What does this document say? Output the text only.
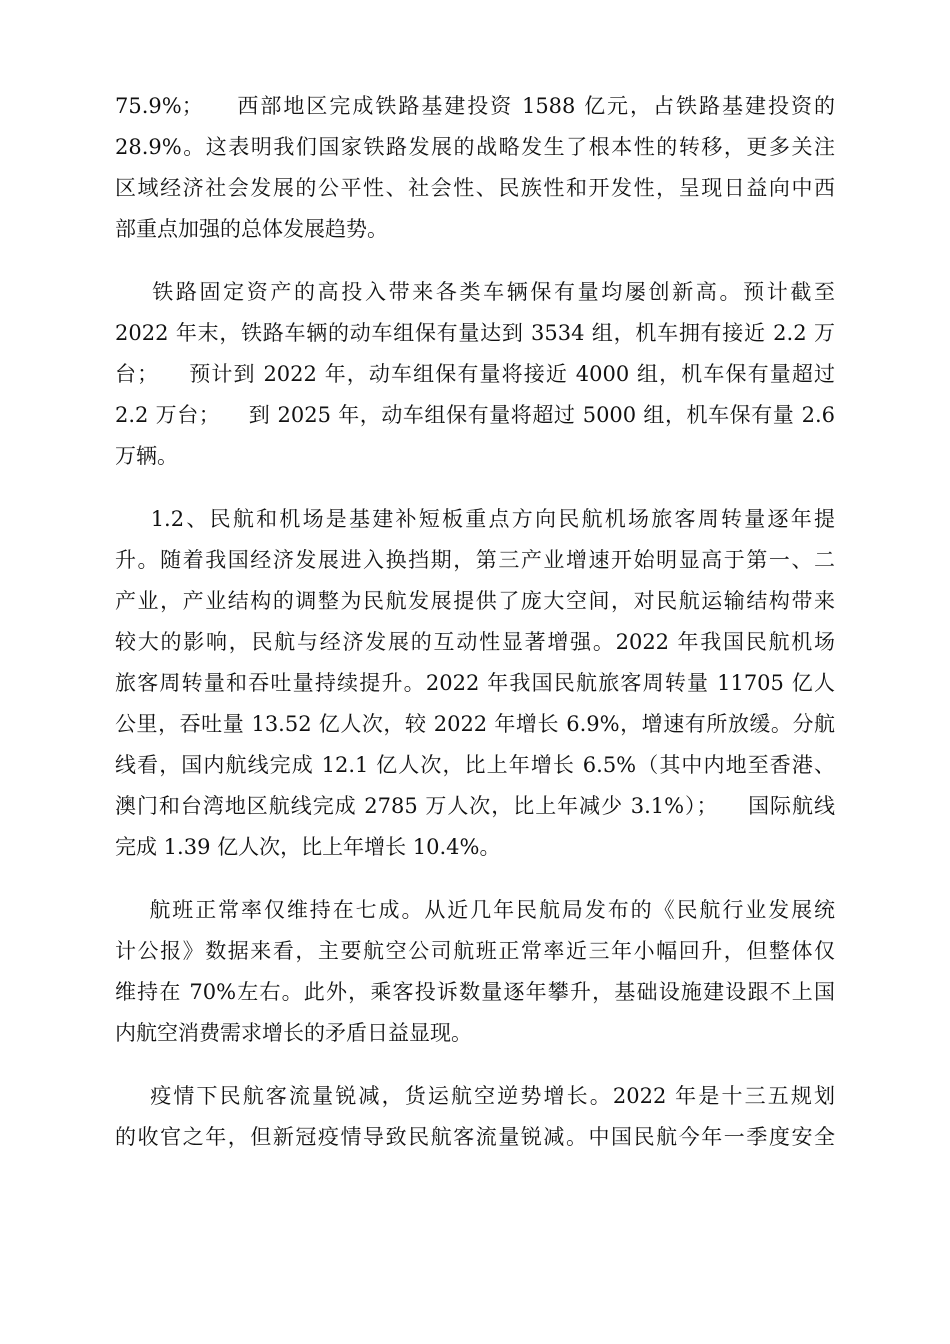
75.9%；    西部地区完成铁路基建投资 1588 亿元，占铁路基建投资的
28.9%。这表明我们国家铁路发展的战略发生了根本性的转移，更多关注
区域经济社会发展的公平性、社会性、民族性和开发性，呈现日益向中西
部重点加强的总体发展趋势。
铁路固定资产的高投入带来各类车辆保有量均屡创新高。预计截至
2022 年末，铁路车辆的动车组保有量达到 3534 组，机车拥有接近 2.2 万
台；    预计到 2022 年，动车组保有量将接近 4000 组，机车保有量超过
2.2 万台；    到 2025 年，动车组保有量将超过 5000 组，机车保有量 2.6
万辆。
1.2、民航和机场是基建补短板重点方向民航机场旅客周转量逐年提
升。随着我国经济发展进入换挡期，第三产业增速开始明显高于第一、二
产业，产业结构的调整为民航发展提供了庞大空间，对民航运输结构带来
较大的影响，民航与经济发展的互动性显著增强。2022 年我国民航机场
旅客周转量和吞吐量持续提升。2022 年我国民航旅客周转量 11705 亿人
公里，吞吐量 13.52 亿人次，较 2022 年增长 6.9%，增速有所放缓。分航
线看，国内航线完成 12.1 亿人次，比上年增长 6.5%（其中内地至香港、
澳门和台湾地区航线完成 2785 万人次，比上年减少 3.1%）；    国际航线
完成 1.39 亿人次，比上年增长 10.4%。
航班正常率仅维持在七成。从近几年民航局发布的《民航行业发展统
计公报》数据来看，主要航空公司航班正常率近三年小幅回升，但整体仅
维持在 70%左右。此外，乘客投诉数量逐年攀升，基础设施建设跟不上国
内航空消费需求增长的矛盾日益显现。
疫情下民航客流量锐减，货运航空逆势增长。2022 年是十三五规划
的收官之年，但新冠疫情导致民航客流量锐减。中国民航今年一季度安全
